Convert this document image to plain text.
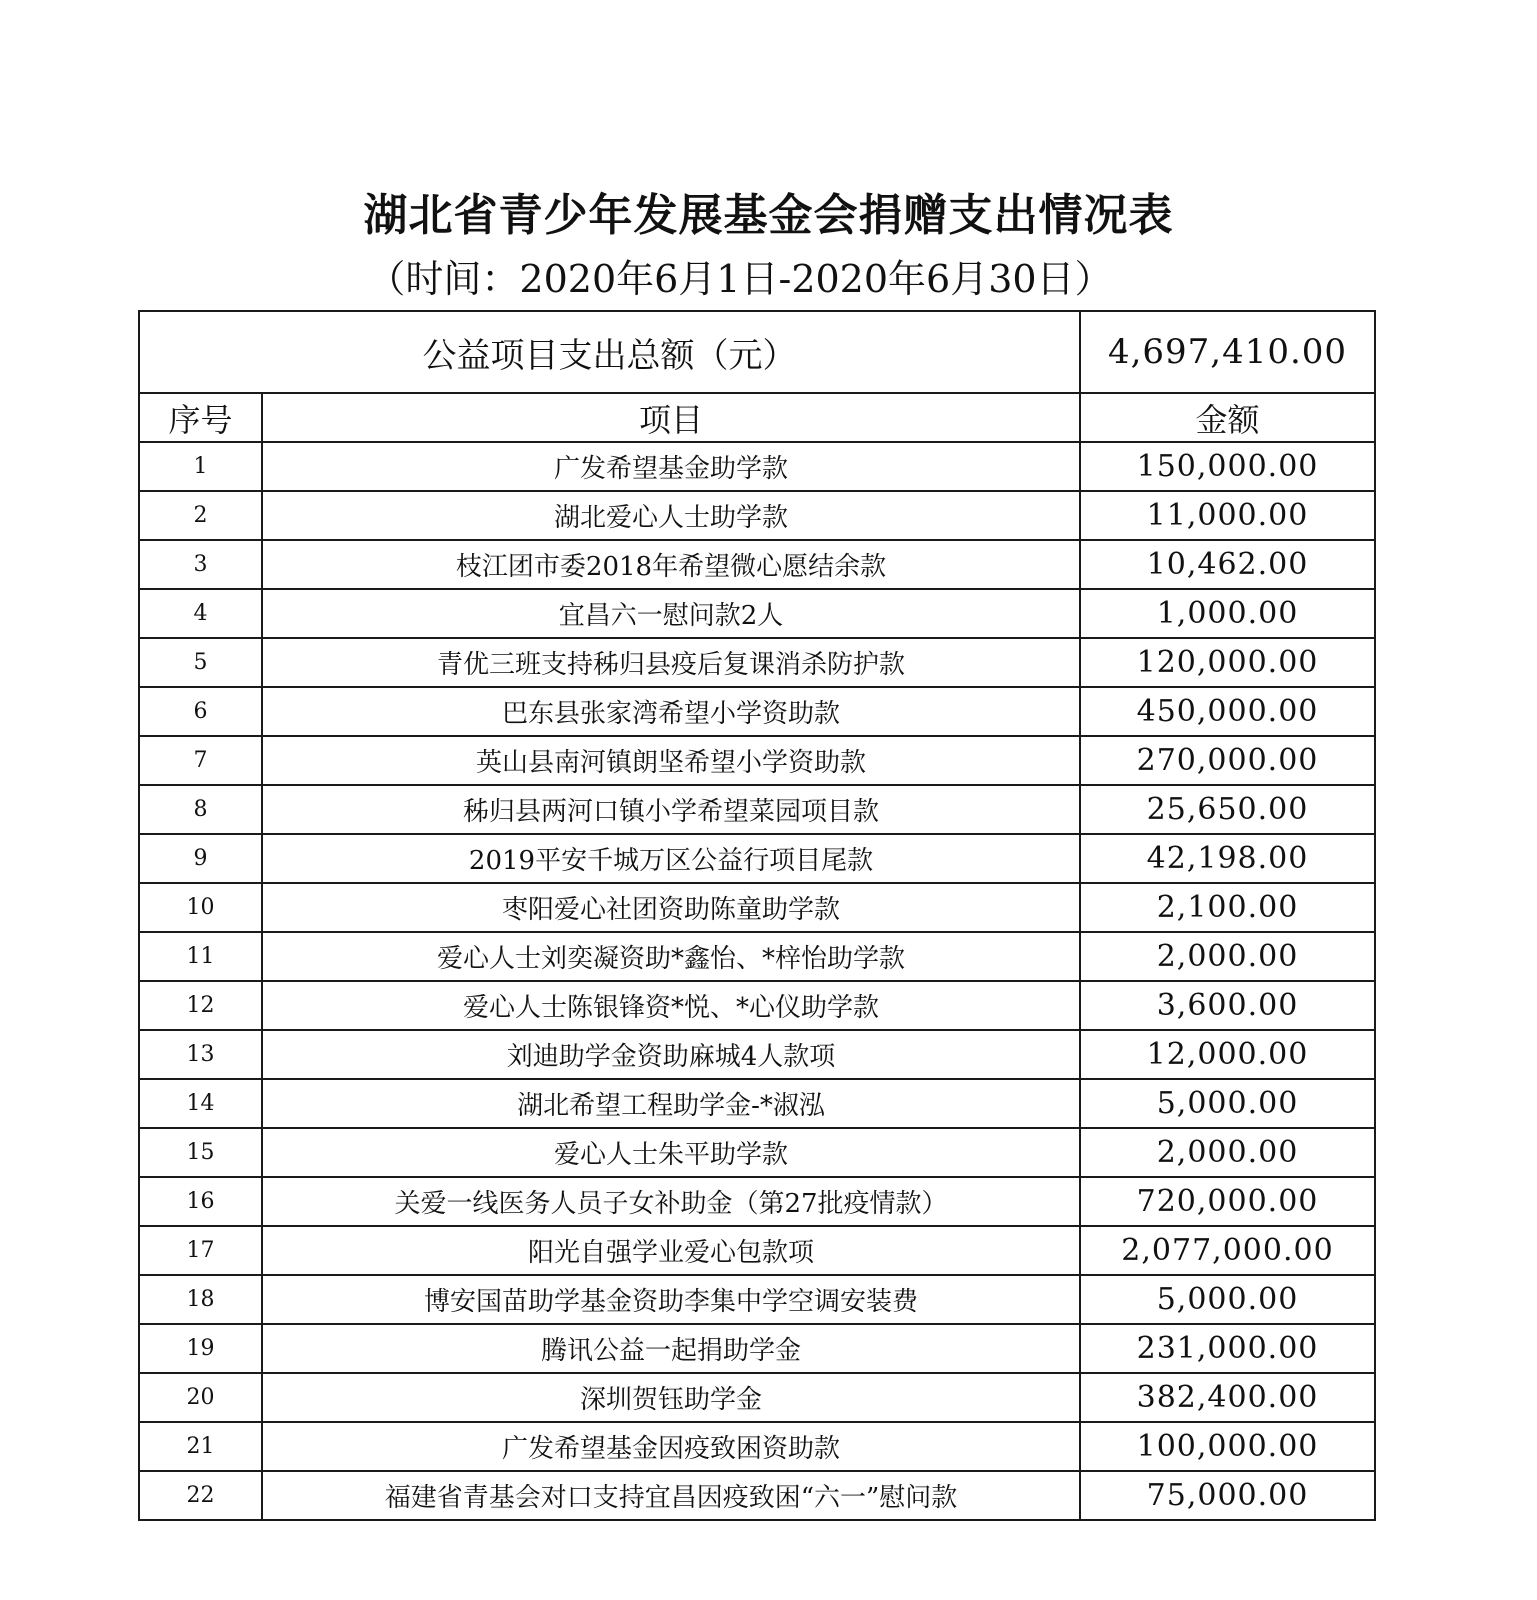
湖北省青少年发展基金会捐赠支出情况表
（时间：2020年6月1日-2020年6月30日）
公益项目支出总额（元）		4,697,410.00
序号	项目	金额
1	广发希望基金助学款	150,000.00
2	湖北爱心人士助学款	11,000.00
3	枝江团市委2018年希望微心愿结余款	10,462.00
4	宜昌六一慰问款2人	1,000.00
5	青优三班支持秭归县疫后复课消杀防护款	120,000.00
6	巴东县张家湾希望小学资助款	450,000.00
7	英山县南河镇朗坚希望小学资助款	270,000.00
8	秭归县两河口镇小学希望菜园项目款	25,650.00
9	2019平安千城万区公益行项目尾款	42,198.00
10	枣阳爱心社团资助陈童助学款	2,100.00
11	爱心人士刘奕凝资助*鑫怡、*梓怡助学款	2,000.00
12	爱心人士陈银锋资*悦、*心仪助学款	3,600.00
13	刘迪助学金资助麻城4人款项	12,000.00
14	湖北希望工程助学金-*淑泓	5,000.00
15	爱心人士朱平助学款	2,000.00
16	关爱一线医务人员子女补助金（第27批疫情款）	720,000.00
17	阳光自强学业爱心包款项	2,077,000.00
18	博安国苗助学基金资助李集中学空调安装费	5,000.00
19	腾讯公益一起捐助学金	231,000.00
20	深圳贺钰助学金	382,400.00
21	广发希望基金因疫致困资助款	100,000.00
22	福建省青基会对口支持宜昌因疫致困“六一”慰问款	75,000.00
